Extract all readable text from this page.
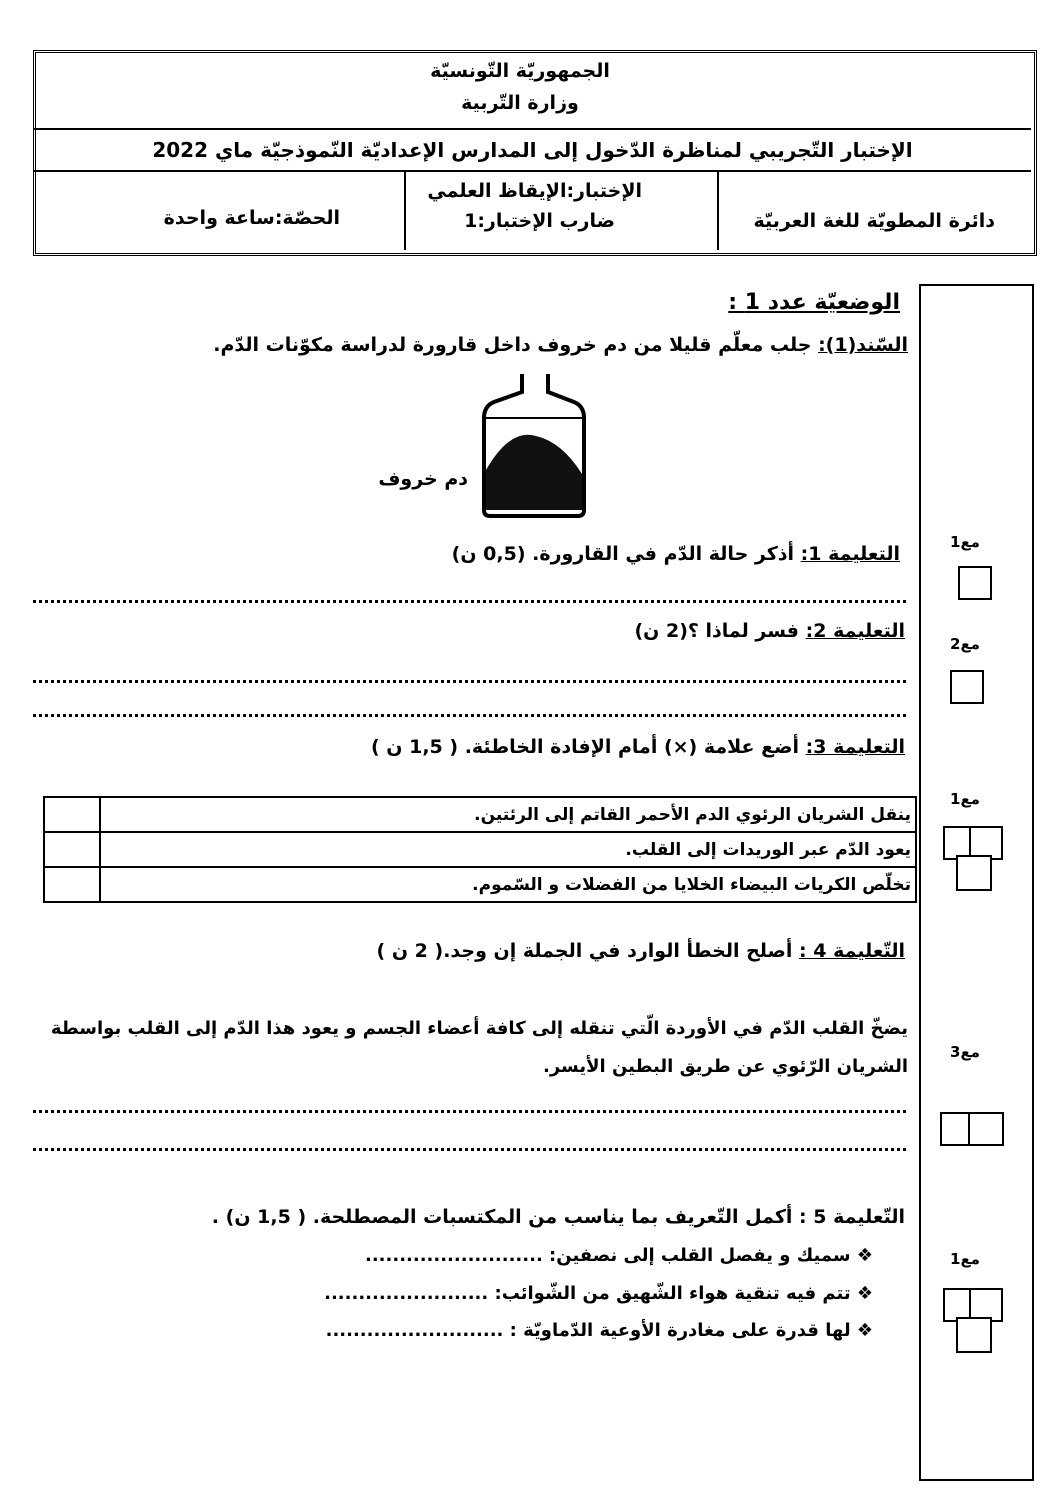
الجمهوريّة التّونسيّة
وزارة التّربية
الإختبار التّجريبي لمناظرة الدّخول إلى المدارس الإعداديّة النّموذجيّة ماي 2022
دائرة المطويّة للغة العربيّة
الإختبار:الإيقاظ العلمي
ضارب الإختبار:1
الحصّة:ساعة واحدة
مع1
مع2
مع1
مع3
مع1
الوضعيّة عدد 1 :
السّند(1): جلب معلّم قليلا من دم خروف داخل قارورة لدراسة مكوّنات الدّم.
دم خروف
التعليمة 1: أذكر حالة الدّم في القارورة. (0,5 ن)
التعليمة 2: فسر لماذا ؟(2 ن)
التعليمة 3: أضع علامة (×) أمام الإفادة الخاطئة. ( 1,5 ن )
ينقل الشريان الرئوي الدم الأحمر القاتم إلى الرئتين.	
يعود الدّم عبر الوريدات إلى القلب.	
تخلّص الكريات البيضاء الخلايا من الفضلات و السّموم.	
التّعليمة 4 : أصلح الخطأ الوارد في الجملة إن وجد.( 2 ن )
يضخّ القلب الدّم في الأوردة الّتي تنقله إلى كافة أعضاء الجسم و يعود هذا الدّم إلى القلب بواسطة
الشريان الرّئوي عن طريق البطين الأيسر.
التّعليمة 5 : أكمل التّعريف بما يناسب من المكتسبات المصطلحة. ( 1,5 ن) .
❖ سميك و يفصل القلب إلى نصفين: ..........................
❖ تتم فيه تنقية هواء الشّهيق من الشّوائب: ........................
❖ لها قدرة على مغادرة الأوعية الدّماويّة : ..........................
